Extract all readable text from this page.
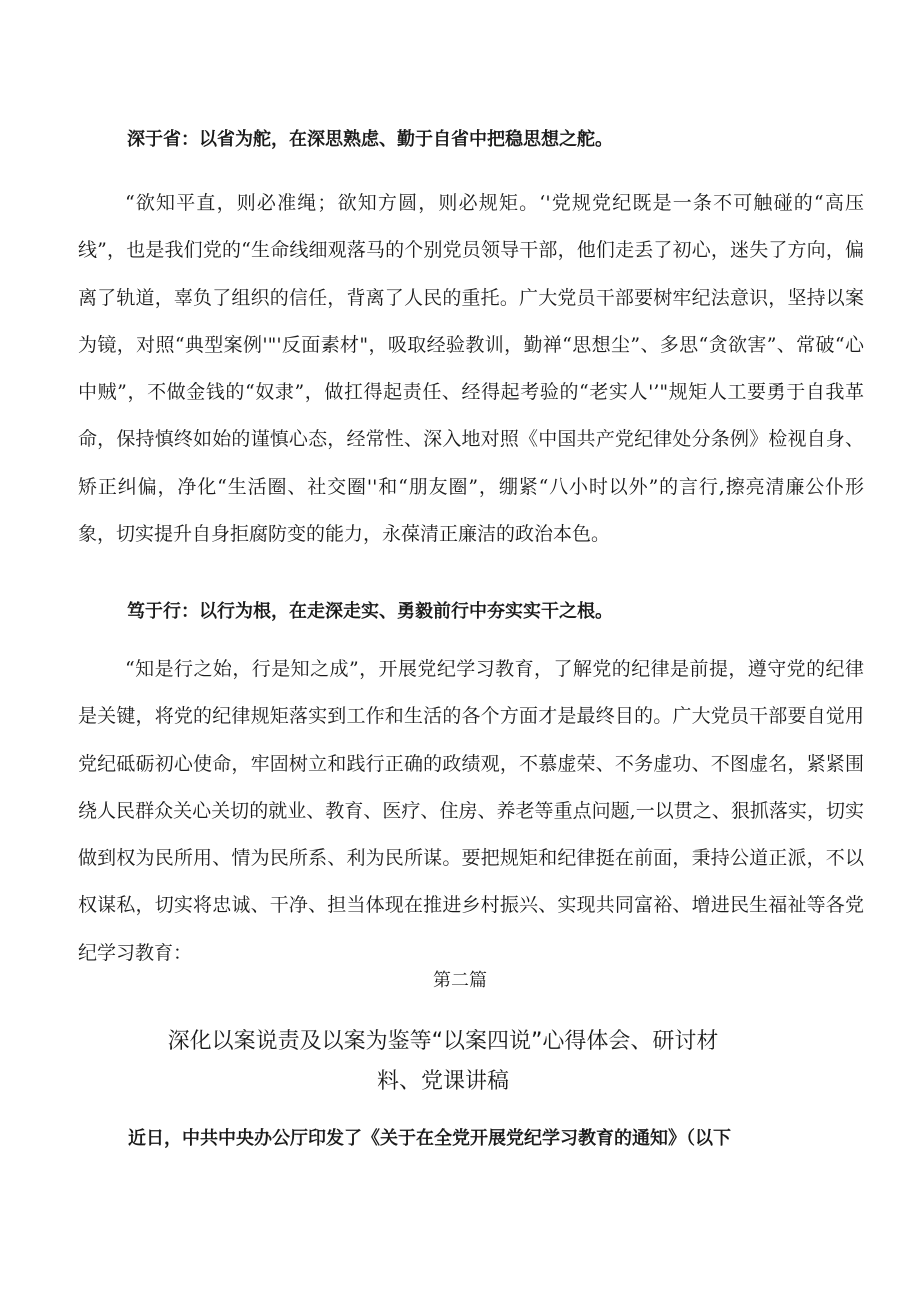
深于省：以省为舵，在深思熟虑、勤于自省中把稳思想之舵。

“欲知平直，则必准绳；欲知方圆，则必规矩。‘'党规党纪既是一条不可触碰的“高压线”，也是我们党的“生命线细观落马的个别党员领导干部，他们走丢了初心，迷失了方向，偏离了轨道，辜负了组织的信任，背离了人民的重托。广大党员干部要树牢纪法意识，坚持以案为镜，对照“典型案例'"'反面素材"，吸取经验教训，勤禅“思想尘”、多思“贪欲害”、常破“心中贼”，不做金钱的“奴隶”，做扛得起责任、经得起考验的“老实人'’"规矩人工要勇于自我革命，保持慎终如始的谨慎心态，经常性、深入地对照《中国共产党纪律处分条例》检视自身、矫正纠偏，净化“生活圈、社交圈''和“朋友圈”，绷紧“八小时以外”的言行,擦亮清廉公仆形象，切实提升自身拒腐防变的能力，永葆清正廉洁的政治本色。

笃于行：以行为根，在走深走实、勇毅前行中夯实实干之根。

“知是行之始，行是知之成”，开展党纪学习教育，了解党的纪律是前提，遵守党的纪律是关键，将党的纪律规矩落实到工作和生活的各个方面才是最终目的。广大党员干部要自觉用党纪砥砺初心使命，牢固树立和践行正确的政绩观，不慕虚荣、不务虚功、不图虚名，紧紧围绕人民群众关心关切的就业、教育、医疗、住房、养老等重点问题,一以贯之、狠抓落实，切实做到权为民所用、情为民所系、利为民所谋。要把规矩和纪律挺在前面，秉持公道正派，不以权谋私，切实将忠诚、干净、担当体现在推进乡村振兴、实现共同富裕、增进民生福祉等各党纪学习教育：

第二篇
深化以案说责及以案为鉴等“以案四说”心得体会、研讨材
料、党课讲稿
近日，中共中央办公厅印发了《关于在全党开展党纪学习教育的通知》（以下
